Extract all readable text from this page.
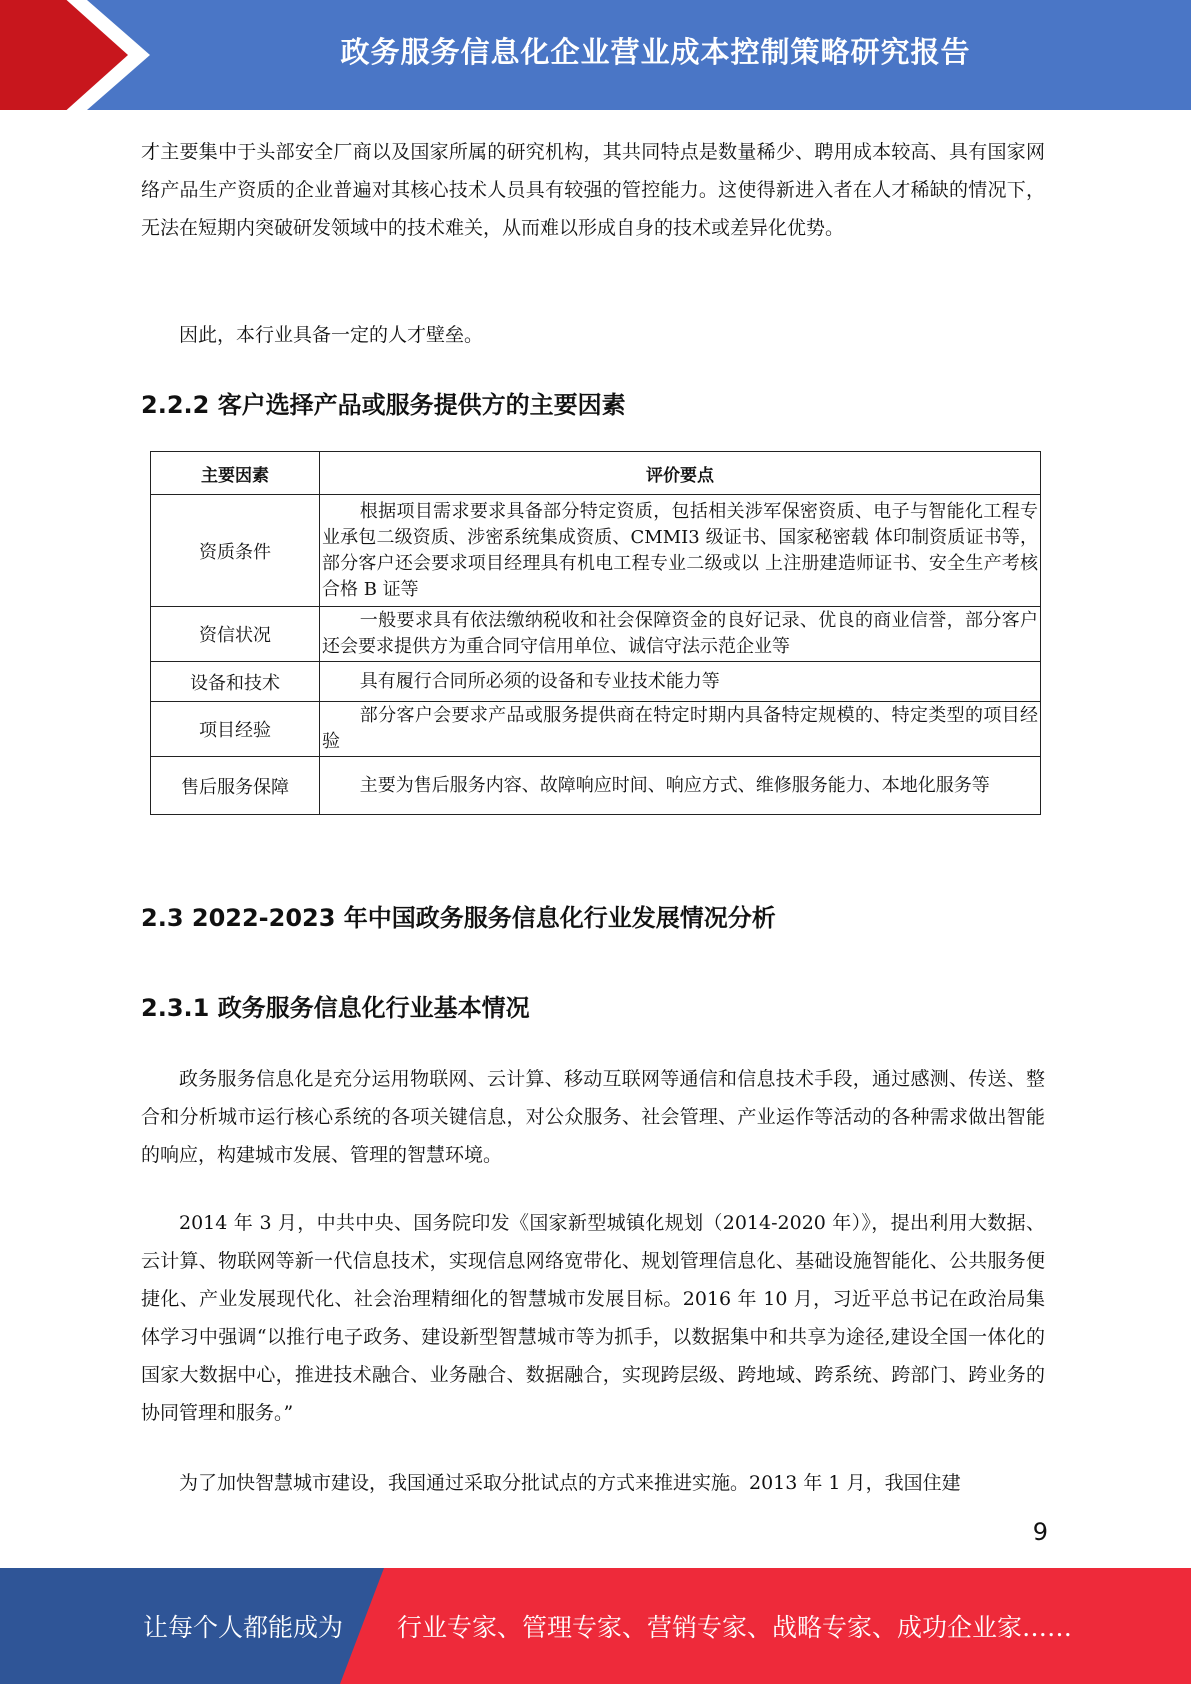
政务服务信息化企业营业成本控制策略研究报告

才主要集中于头部安全厂商以及国家所属的研究机构，其共同特点是数量稀少、聘用成本较高、具有国家网络产品生产资质的企业普遍对其核心技术人员具有较强的管控能力。这使得新进入者在人才稀缺的情况下，无法在短期内突破研发领域中的技术难关，从而难以形成自身的技术或差异化优势。

因此，本行业具备一定的人才壁垒。

2.2.2 客户选择产品或服务提供方的主要因素
主要因素	评价要点
资质条件	根据项目需求要求具备部分特定资质，包括相关涉军保密资质、电子与智能化工程专业承包二级资质、涉密系统集成资质、CMMI3 级证书、国家秘密载 体印制资质证书等，部分客户还会要求项目经理具有机电工程专业二级或以 上注册建造师证书、安全生产考核合格 B 证等

资信状况	一般要求具有依法缴纳税收和社会保障资金的良好记录、优良的商业信誉，部分客户还会要求提供方为重合同守信用单位、诚信守法示范企业等

设备和技术	具有履行合同所必须的设备和专业技术能力等

项目经验	部分客户会要求产品或服务提供商在特定时期内具备特定规模的、特定类型的项目经验

售后服务保障	主要为售后服务内容、故障响应时间、响应方式、维修服务能力、本地化服务等
2.3 2022-2023 年中国政务服务信息化行业发展情况分析
2.3.1 政务服务信息化行业基本情况

政务服务信息化是充分运用物联网、云计算、移动互联网等通信和信息技术手段，通过感测、传送、整合和分析城市运行核心系统的各项关键信息，对公众服务、社会管理、产业运作等活动的各种需求做出智能的响应，构建城市发展、管理的智慧环境。

2014 年 3 月，中共中央、国务院印发《国家新型城镇化规划（2014-2020 年）》，提出利用大数据、云计算、物联网等新一代信息技术，实现信息网络宽带化、规划管理信息化、基础设施智能化、公共服务便捷化、产业发展现代化、社会治理精细化的智慧城市发展目标。2016 年 10 月，习近平总书记在政治局集体学习中强调“以推行电子政务、建设新型智慧城市等为抓手，以数据集中和共享为途径,建设全国一体化的国家大数据中心，推进技术融合、业务融合、数据融合，实现跨层级、跨地域、跨系统、跨部门、跨业务的协同管理和服务。”

为了加快智慧城市建设，我国通过采取分批试点的方式来推进实施。2013 年 1 月，我国住建

9
让每个人都能成为 行业专家、管理专家、营销专家、战略专家、成功企业家……
